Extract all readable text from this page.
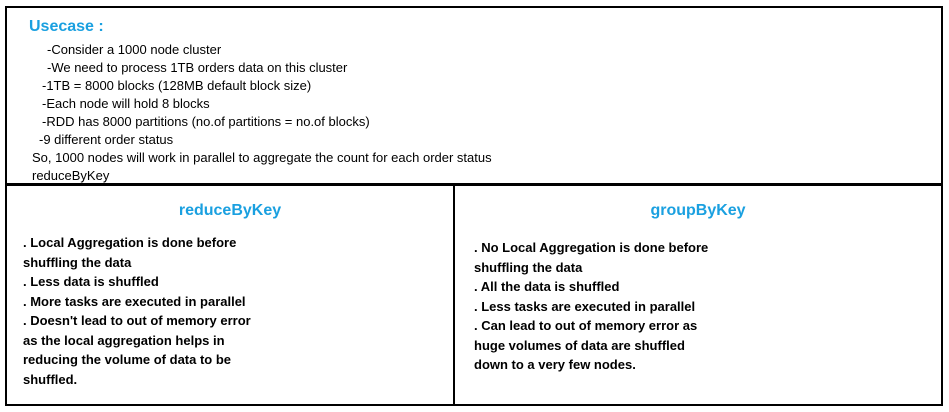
Usecase :

-Consider a 1000 node cluster

-We need to process 1TB orders data on this cluster

-1TB = 8000 blocks (128MB default block size)

-Each node will hold 8 blocks

-RDD has 8000 partitions (no.of partitions = no.of blocks)

-9 different order status

So, 1000 nodes will work in parallel to aggregate the count for each order status

reduceByKey

reduceByKey
. Local Aggregation is done before
shuffling the data
. Less data is shuffled
. More tasks are executed in parallel
. Doesn't lead to out of memory error
as the local aggregation helps in
reducing the volume of data to be
shuffled.
groupByKey
. No Local Aggregation is done before
shuffling the data
. All the data is shuffled
. Less tasks are executed in parallel
. Can lead to out of memory error as
huge volumes of data are shuffled
down to a very few nodes.
